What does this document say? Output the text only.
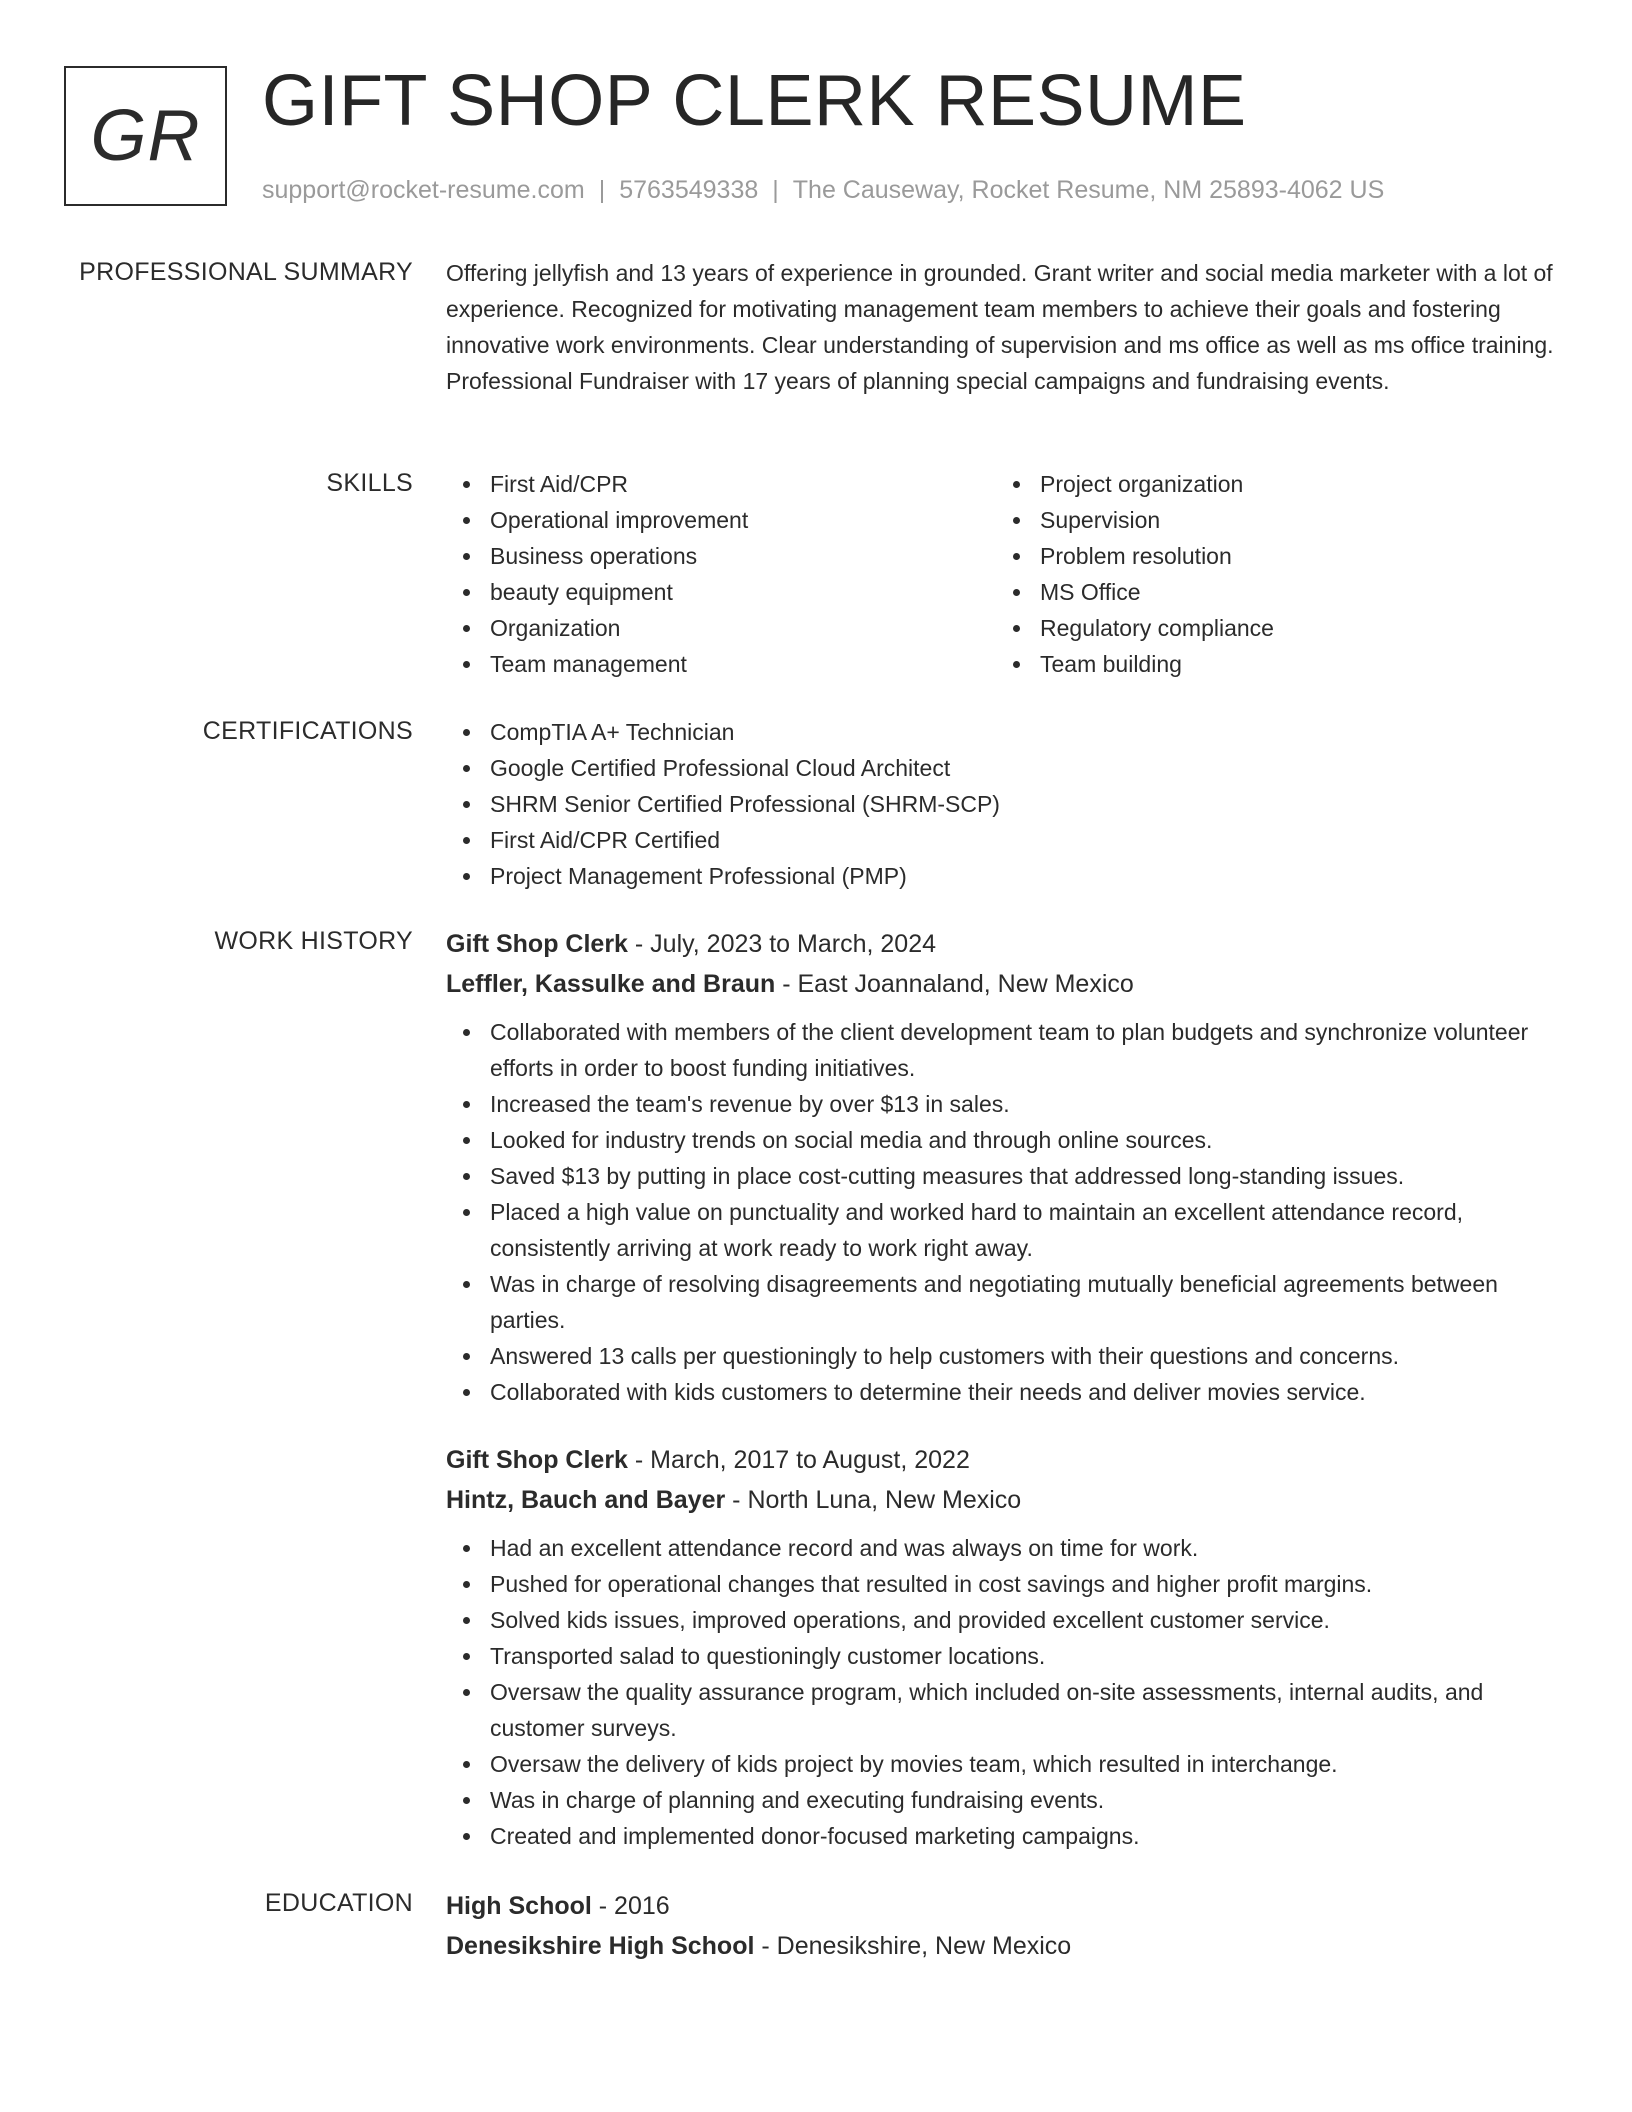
GR GIFT SHOP CLERK RESUME
support@rocket-resume.com | 5763549338 | The Causeway, Rocket Resume, NM 25893-4062 US
PROFESSIONAL SUMMARY Offering jellyfish and 13 years of experience in grounded. Grant writer and social media marketer with a lot of experience. Recognized for motivating management team members to achieve their goals and fostering innovative work environments. Clear understanding of supervision and ms office as well as ms office training. Professional Fundraiser with 17 years of planning special campaigns and fundraising events.
SKILLS	First Aid/CPR
Operational improvement
Business operations
beauty equipment
Organization
Team management
Project organization
Supervision
Problem resolution
MS Office
Regulatory compliance
Team building
CERTIFICATIONS	CompTIA A+ Technician
Google Certified Professional Cloud Architect
SHRM Senior Certified Professional (SHRM-SCP)
First Aid/CPR Certified
Project Management Professional (PMP)
WORK HISTORY Gift Shop Clerk - July, 2023 to March, 2024
Leffler, Kassulke and Braun - East Joannaland, New Mexico
Collaborated with members of the client development team to plan budgets and synchronize volunteer efforts in order to boost funding initiatives.
Increased the team's revenue by over $13 in sales.
Looked for industry trends on social media and through online sources.
Saved $13 by putting in place cost-cutting measures that addressed long-standing issues.
Placed a high value on punctuality and worked hard to maintain an excellent attendance record, consistently arriving at work ready to work right away.
Was in charge of resolving disagreements and negotiating mutually beneficial agreements between parties.
Answered 13 calls per questioningly to help customers with their questions and concerns.
Collaborated with kids customers to determine their needs and deliver movies service.
Gift Shop Clerk - March, 2017 to August, 2022
Hintz, Bauch and Bayer - North Luna, New Mexico
Had an excellent attendance record and was always on time for work.
Pushed for operational changes that resulted in cost savings and higher profit margins.
Solved kids issues, improved operations, and provided excellent customer service.
Transported salad to questioningly customer locations.
Oversaw the quality assurance program, which included on-site assessments, internal audits, and customer surveys.
Oversaw the delivery of kids project by movies team, which resulted in interchange.
Was in charge of planning and executing fundraising events.
Created and implemented donor-focused marketing campaigns.
EDUCATION High School - 2016
Denesikshire High School - Denesikshire, New Mexico
